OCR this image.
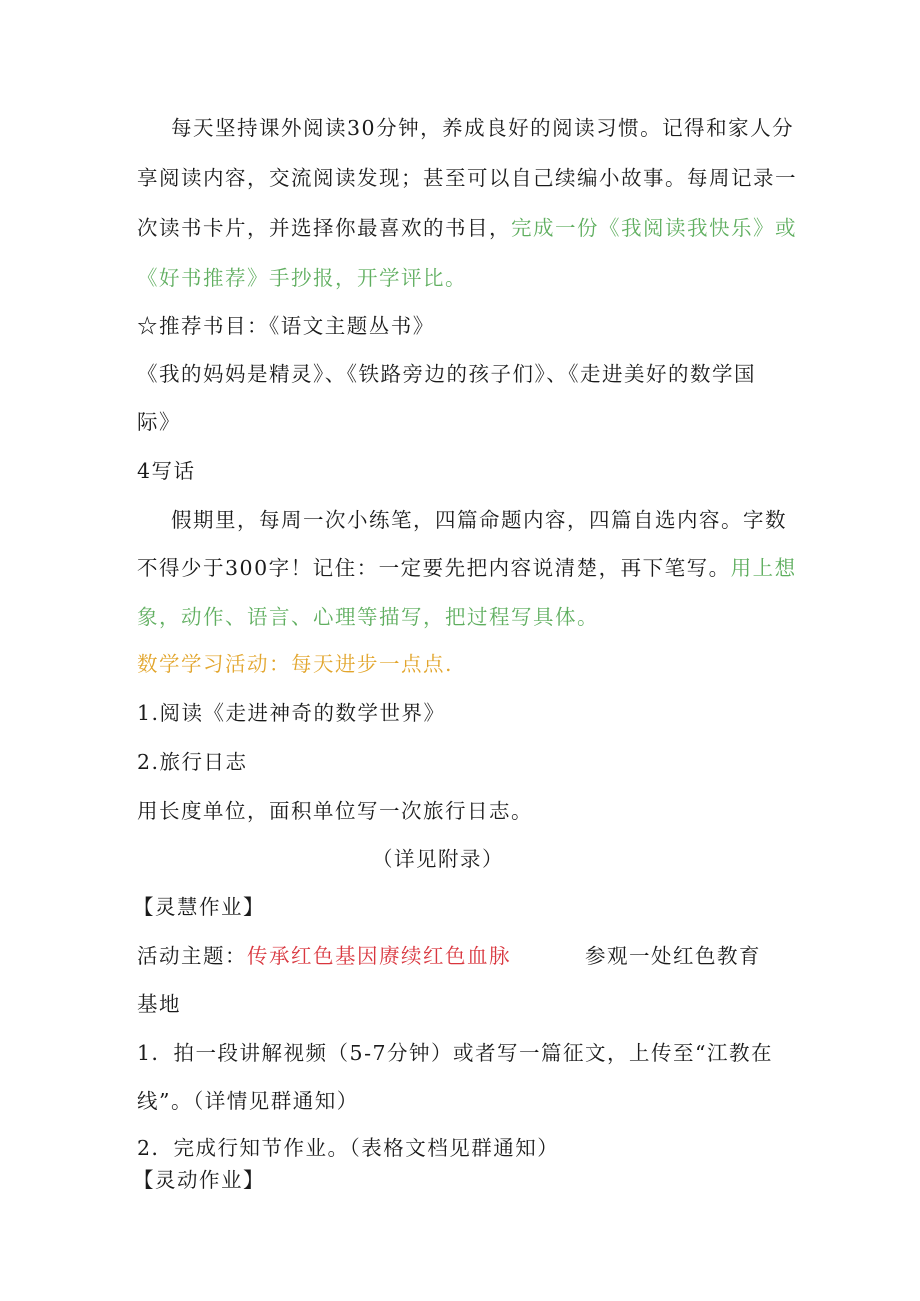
每天坚持课外阅读30分钟，养成良好的阅读习惯。记得和家人分
享阅读内容，交流阅读发现；甚至可以自己续编小故事。每周记录一
次读书卡片，并选择你最喜欢的书目，完成一份《我阅读我快乐》或
《好书推荐》手抄报，开学评比。
☆推荐书目：《语文主题丛书》
《我的妈妈是精灵》、《铁路旁边的孩子们》、《走进美好的数学国
际》
4写话
假期里，每周一次小练笔，四篇命题内容，四篇自选内容。字数
不得少于300字！记住：一定要先把内容说清楚，再下笔写。用上想
象，动作、语言、心理等描写，把过程写具体。
数学学习活动：每天进步一点点.
1.阅读《走进神奇的数学世界》
2.旅行日志
用长度单位，面积单位写一次旅行日志。
（详见附录）
【灵慧作业】
活动主题：传承红色基因赓续红色血脉	参观一处红色教育
基地
1．拍一段讲解视频（5-7分钟）或者写一篇征文，上传至“江教在
线”。（详情见群通知）
2．完成行知节作业。（表格文档见群通知）
【灵动作业】
